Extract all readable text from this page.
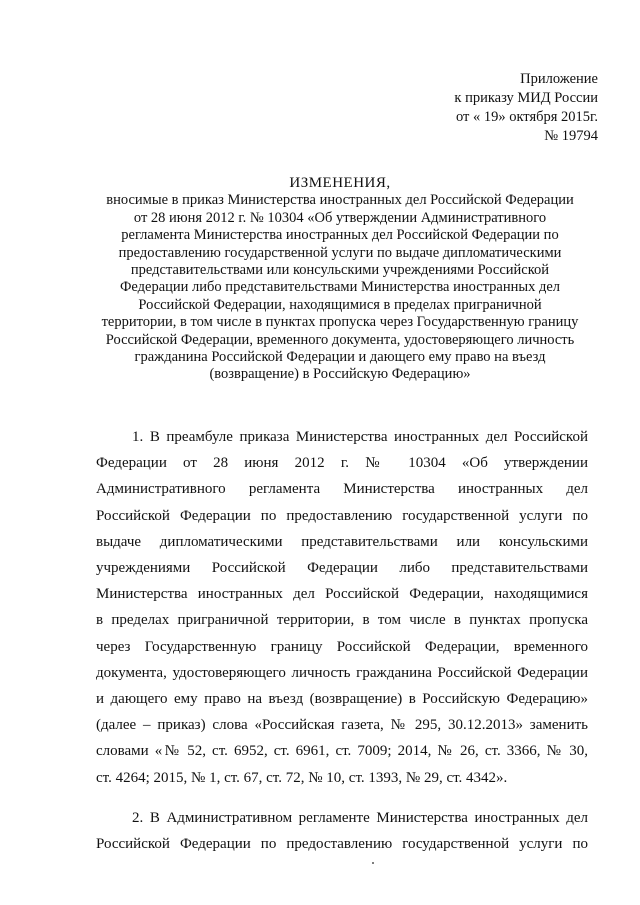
Приложение
к приказу МИД России
от « 19» октября 2015г.
№ 19794
ИЗМЕНЕНИЯ,
вносимые в приказ Министерства иностранных дел Российской Федерации
от 28 июня 2012 г. № 10304 «Об утверждении Административного
регламента Министерства иностранных дел Российской Федерации по
предоставлению государственной услуги по выдаче дипломатическими
представительствами или консульскими учреждениями Российской
Федерации либо представительствами Министерства иностранных дел
Российской Федерации, находящимися в пределах приграничной
территории, в том числе в пунктах пропуска через Государственную границу
Российской Федерации, временного документа, удостоверяющего личность
гражданина Российской Федерации и дающего ему право на въезд
(возвращение) в Российскую Федерацию»
1. В преамбуле приказа Министерства иностранных дел Российской
Федерации от 28 июня 2012 г. № 10304 «Об утверждении
Административного регламента Министерства иностранных дел
Российской Федерации по предоставлению государственной услуги по
выдаче дипломатическими представительствами или консульскими
учреждениями Российской Федерации либо представительствами
Министерства иностранных дел Российской Федерации, находящимися
в пределах приграничной территории, в том числе в пунктах пропуска
через Государственную границу Российской Федерации, временного
документа, удостоверяющего личность гражданина Российской Федерации
и дающего ему право на въезд (возвращение) в Российскую Федерацию»
(далее – приказ) слова «Российская газета, № 295, 30.12.2013» заменить
словами «№ 52, ст. 6952, ст. 6961, ст. 7009; 2014, № 26, ст. 3366, № 30,
ст. 4264; 2015, № 1, ст. 67, ст. 72, № 10, ст. 1393, № 29, ст. 4342».
2. В Административном регламенте Министерства иностранных дел
Российской Федерации по предоставлению государственной услуги по
